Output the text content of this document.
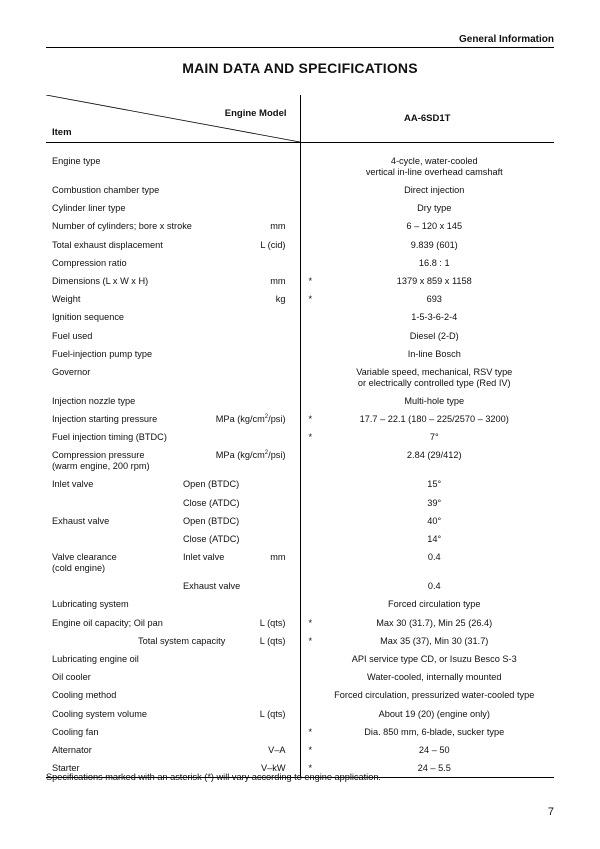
General Information
MAIN DATA AND SPECIFICATIONS
Engine Model
Item	AA-6SD1T

Engine type	4-cycle, water-cooled
vertical in-line overhead camshaft

Combustion chamber type	Direct injection

Cylinder liner type	Dry type

Number of cylinders; bore x stroke mm	6 – 120 x 145

Total exhaust displacement L (cid)	9.839 (601)

Compression ratio	16.8 : 1

Dimensions (L x W x H) mm	* 1379 x 859 x 1158

Weight kg	* 693

Ignition sequence	1-5-3-6-2-4

Fuel used	Diesel (2-D)

Fuel-injection pump type	In-line Bosch

Governor	Variable speed, mechanical, RSV type
or electrically controlled type (Red IV)

Injection nozzle type	Multi-hole type

Injection starting pressure MPa $(kg/cm^2/psi)$	* 17.7 – 22.1 (180 – 225/2570 – 3200)

Fuel injection timing (BTDC)	* 7°

Compression pressure
(warm engine, 200 rpm)
MPa $(kg/cm^2/psi)$	2.84 (29/412)

Inlet valve Open (BTDC)	15°

Close (ATDC)	39°

Exhaust valve Open (BTDC)	40°

Close (ATDC)	14°

Valve clearance
(cold engine)
Inlet valve mm	0.4

Exhaust valve	0.4

Lubricating system	Forced circulation type

Engine oil capacity; Oil pan L (qts)	* Max 30 (31.7), Min 25 (26.4)

Total system capacity L (qts)	* Max 35 (37), Min 30 (31.7)

Lubricating engine oil	API service type CD, or Isuzu Besco S-3

Oil cooler	Water-cooled, internally mounted

Cooling method	Forced circulation, pressurized water-cooled type

Cooling system volume L (qts)	About 19 (20) (engine only)

Cooling fan	* Dia. 850 mm, 6-blade, sucker type

Alternator V–A	* 24 – 50

Starter V–kW	* 24 – 5.5
Specifications marked with an asterisk (*) will vary according to engine application.
7
